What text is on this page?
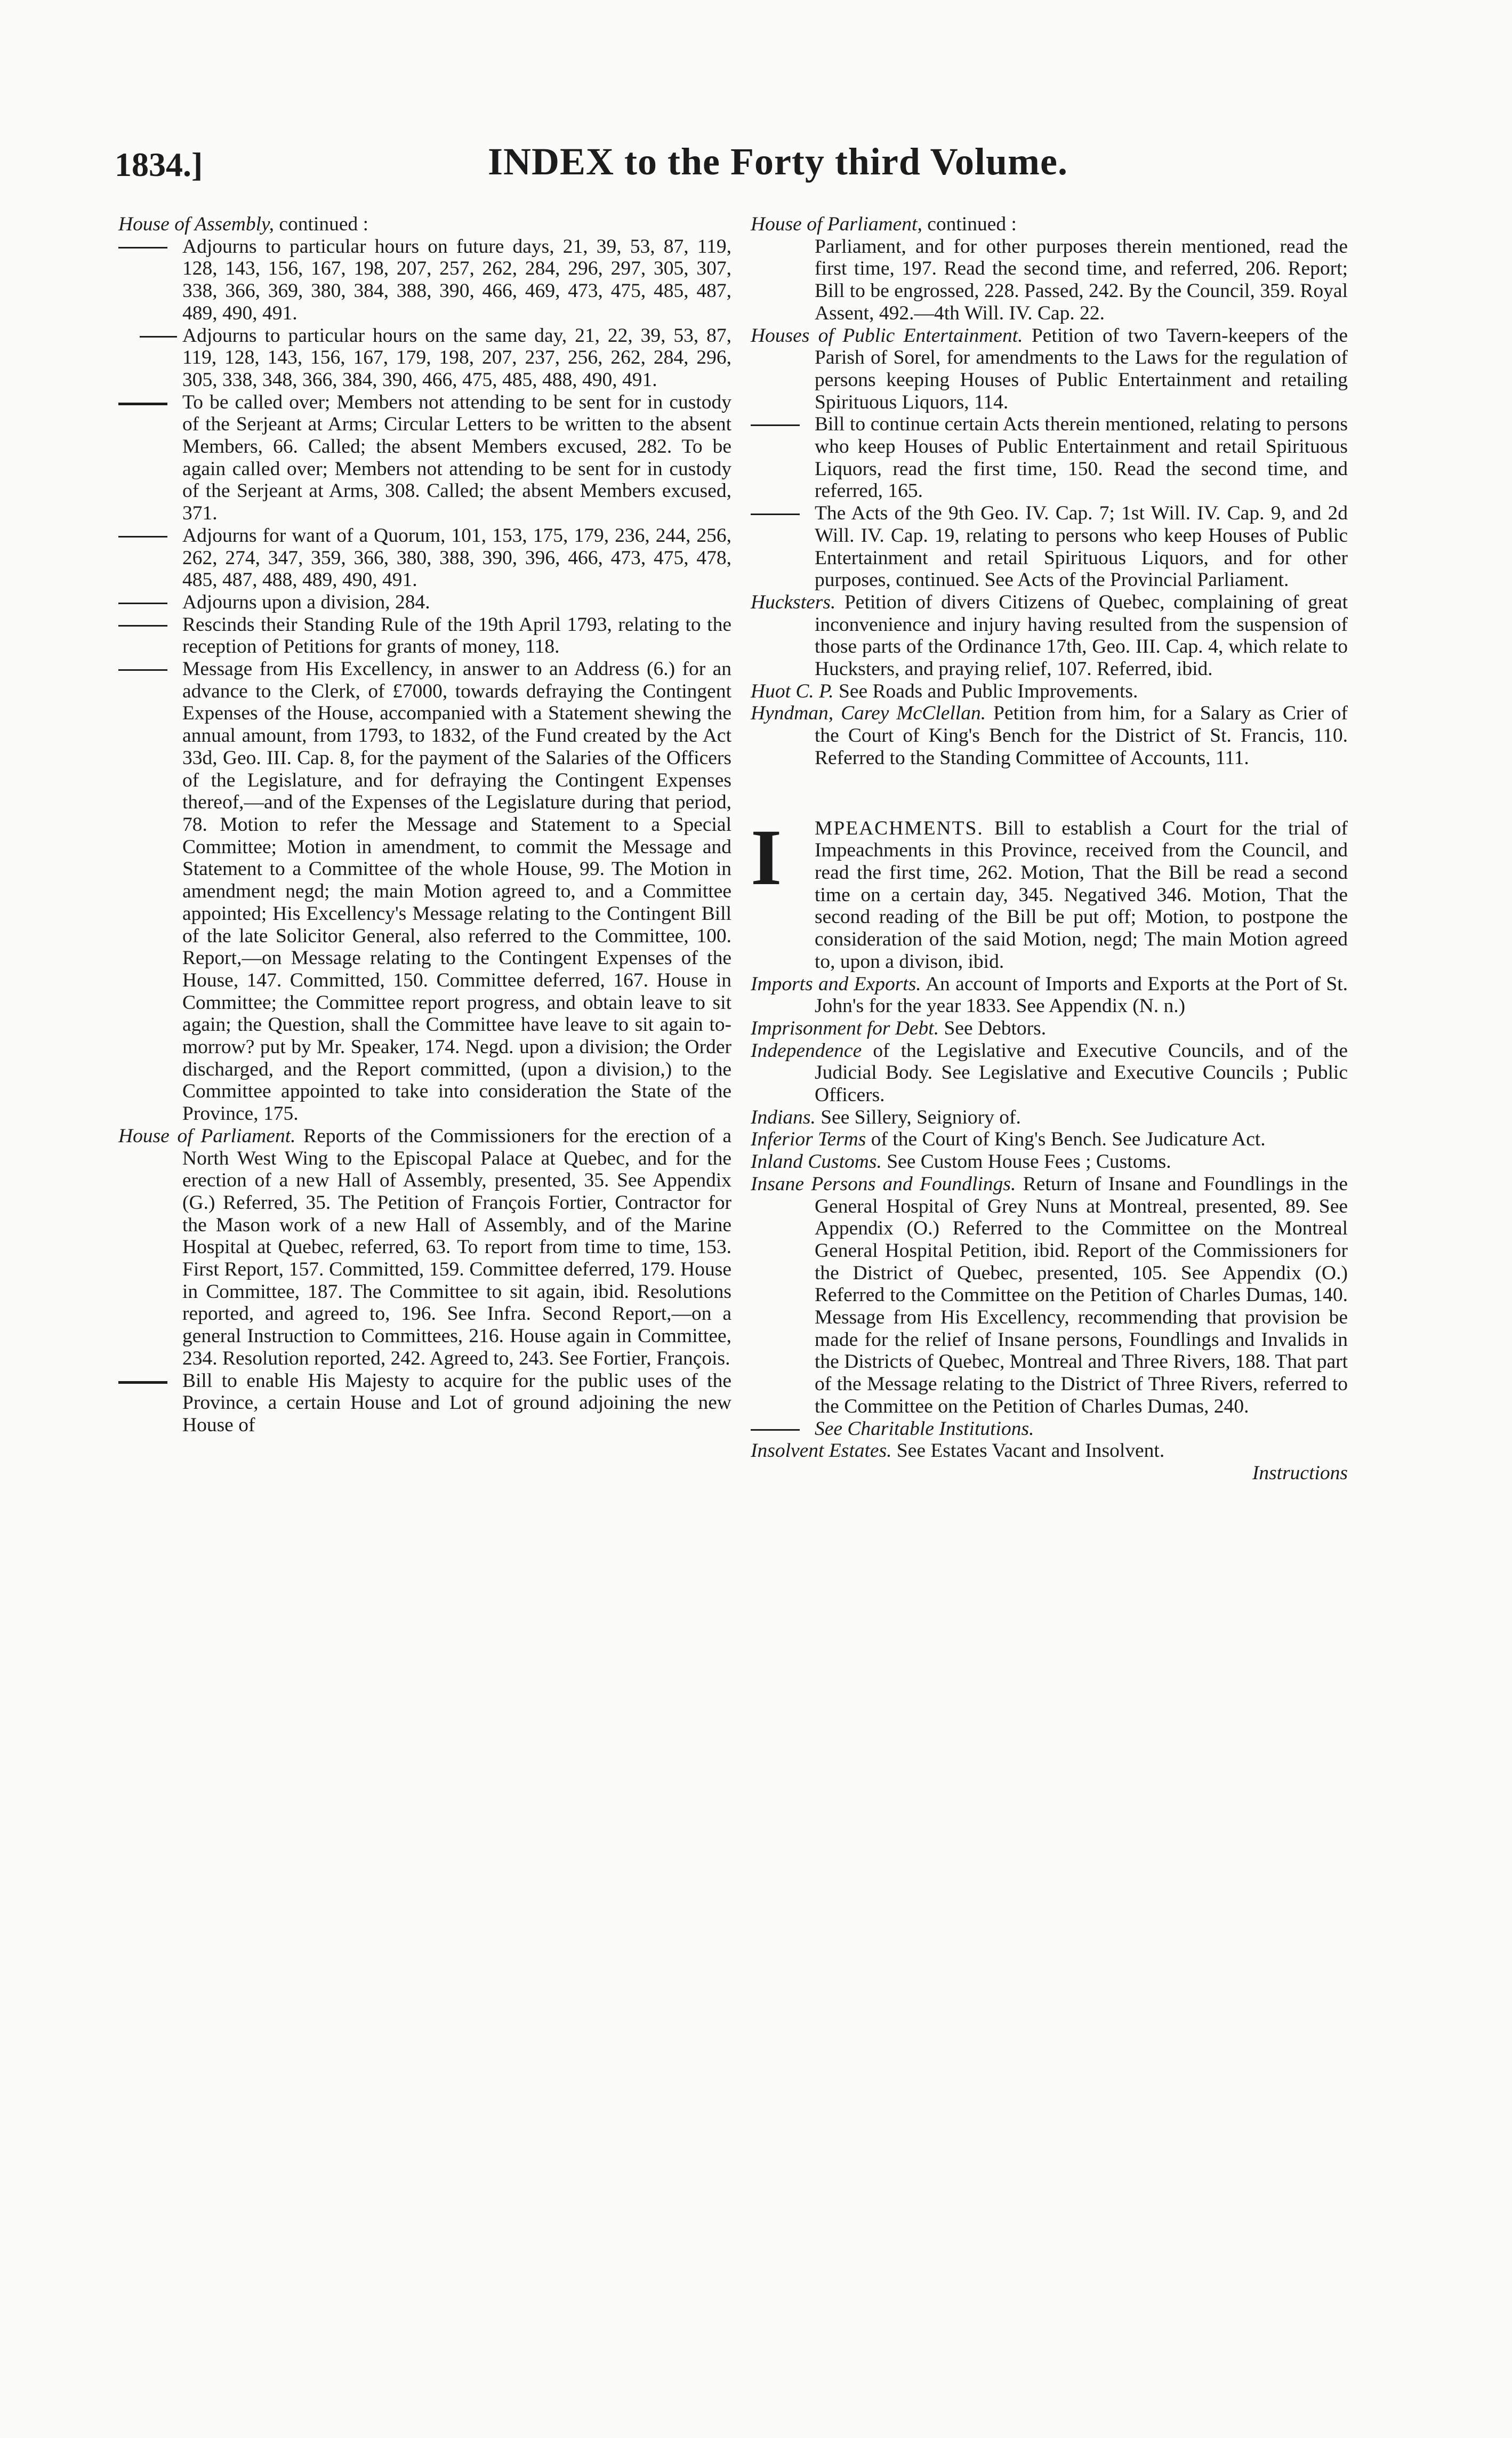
1834.]	INDEX to the Forty third Volume.

House of Assembly, continued :

Adjourns to particular hours on future days, 21, 39, 53, 87, 119, 128, 143, 156, 167, 198, 207, 257, 262, 284, 296, 297, 305, 307, 338, 366, 369, 380, 384, 388, 390, 466, 469, 473, 475, 485, 487, 489, 490, 491.

Adjourns to particular hours on the same day, 21, 22, 39, 53, 87, 119, 128, 143, 156, 167, 179, 198, 207, 237, 256, 262, 284, 296, 305, 338, 348, 366, 384, 390, 466, 475, 485, 488, 490, 491.

To be called over; Members not attending to be sent for in custody of the Serjeant at Arms; Circular Letters to be written to the absent Members, 66. Called; the absent Members excused, 282. To be again called over; Members not attending to be sent for in custody of the Serjeant at Arms, 308. Called; the absent Members excused, 371.

Adjourns for want of a Quorum, 101, 153, 175, 179, 236, 244, 256, 262, 274, 347, 359, 366, 380, 388, 390, 396, 466, 473, 475, 478, 485, 487, 488, 489, 490, 491.

Adjourns upon a division, 284.

Rescinds their Standing Rule of the 19th April 1793, relating to the reception of Petitions for grants of money, 118.

Message from His Excellency, in answer to an Address (6.) for an advance to the Clerk, of £7000, towards defraying the Contingent Expenses of the House, accompanied with a Statement shewing the annual amount, from 1793, to 1832, of the Fund created by the Act 33d, Geo. III. Cap. 8, for the payment of the Salaries of the Officers of the Legislature, and for defraying the Contingent Expenses thereof,—and of the Expenses of the Legislature during that period, 78. Motion to refer the Message and Statement to a Special Committee; Motion in amendment, to commit the Message and Statement to a Committee of the whole House, 99. The Motion in amendment negd; the main Motion agreed to, and a Committee appointed; His Excellency's Message relating to the Contingent Bill of the late Solicitor General, also referred to the Committee, 100. Report,—on Message relating to the Contingent Expenses of the House, 147. Committed, 150. Committee deferred, 167. House in Committee; the Committee report progress, and obtain leave to sit again; the Question, shall the Committee have leave to sit again to-morrow? put by Mr. Speaker, 174. Negd. upon a division; the Order discharged, and the Report committed, (upon a division,) to the Committee appointed to take into consideration the State of the Province, 175.

House of Parliament. Reports of the Commissioners for the erection of a North West Wing to the Episcopal Palace at Quebec, and for the erection of a new Hall of Assembly, presented, 35. See Appendix (G.) Referred, 35. The Petition of François Fortier, Contractor for the Mason work of a new Hall of Assembly, and of the Marine Hospital at Quebec, referred, 63. To report from time to time, 153. First Report, 157. Committed, 159. Committee deferred, 179. House in Committee, 187. The Committee to sit again, ibid. Resolutions reported, and agreed to, 196. See Infra. Second Report,—on a general Instruction to Committees, 216. House again in Committee, 234. Resolution reported, 242. Agreed to, 243. See Fortier, François.

Bill to enable His Majesty to acquire for the public uses of the Province, a certain House and Lot of ground adjoining the new House of

House of Parliament, continued :

Parliament, and for other purposes therein mentioned, read the first time, 197. Read the second time, and referred, 206. Report; Bill to be engrossed, 228. Passed, 242. By the Council, 359. Royal Assent, 492.—4th Will. IV. Cap. 22.

Houses of Public Entertainment. Petition of two Tavern-keepers of the Parish of Sorel, for amendments to the Laws for the regulation of persons keeping Houses of Public Entertainment and retailing Spirituous Liquors, 114.

Bill to continue certain Acts therein mentioned, relating to persons who keep Houses of Public Entertainment and retail Spirituous Liquors, read the first time, 150. Read the second time, and referred, 165.

The Acts of the 9th Geo. IV. Cap. 7; 1st Will. IV. Cap. 9, and 2d Will. IV. Cap. 19, relating to persons who keep Houses of Public Entertainment and retail Spirituous Liquors, and for other purposes, continued. See Acts of the Provincial Parliament.

Hucksters. Petition of divers Citizens of Quebec, complaining of great inconvenience and injury having resulted from the suspension of those parts of the Ordinance 17th, Geo. III. Cap. 4, which relate to Hucksters, and praying relief, 107. Referred, ibid.

Huot C. P. See Roads and Public Improvements.

Hyndman, Carey McClellan. Petition from him, for a Salary as Crier of the Court of King's Bench for the District of St. Francis, 110. Referred to the Standing Committee of Accounts, 111.

I MPEACHMENTS. Bill to establish a Court for the trial of Impeachments in this Province, received from the Council, and read the first time, 262. Motion, That the Bill be read a second time on a certain day, 345. Negatived 346. Motion, That the second reading of the Bill be put off; Motion, to postpone the consideration of the said Motion, negd; The main Motion agreed to, upon a divison, ibid.

Imports and Exports. An account of Imports and Exports at the Port of St. John's for the year 1833. See Appendix (N. n.)

Imprisonment for Debt. See Debtors.

Independence of the Legislative and Executive Councils, and of the Judicial Body. See Legislative and Executive Councils ; Public Officers.

Indians. See Sillery, Seigniory of.

Inferior Terms of the Court of King's Bench. See Judicature Act.

Inland Customs. See Custom House Fees ; Customs.

Insane Persons and Foundlings. Return of Insane and Foundlings in the General Hospital of Grey Nuns at Montreal, presented, 89. See Appendix (O.) Referred to the Committee on the Montreal General Hospital Petition, ibid. Report of the Commissioners for the District of Quebec, presented, 105. See Appendix (O.) Referred to the Committee on the Petition of Charles Dumas, 140. Message from His Excellency, recommending that provision be made for the relief of Insane persons, Foundlings and Invalids in the Districts of Quebec, Montreal and Three Rivers, 188. That part of the Message relating to the District of Three Rivers, referred to the Committee on the Petition of Charles Dumas, 240.

See Charitable Institutions.

Insolvent Estates. See Estates Vacant and Insolvent.

Instructions
